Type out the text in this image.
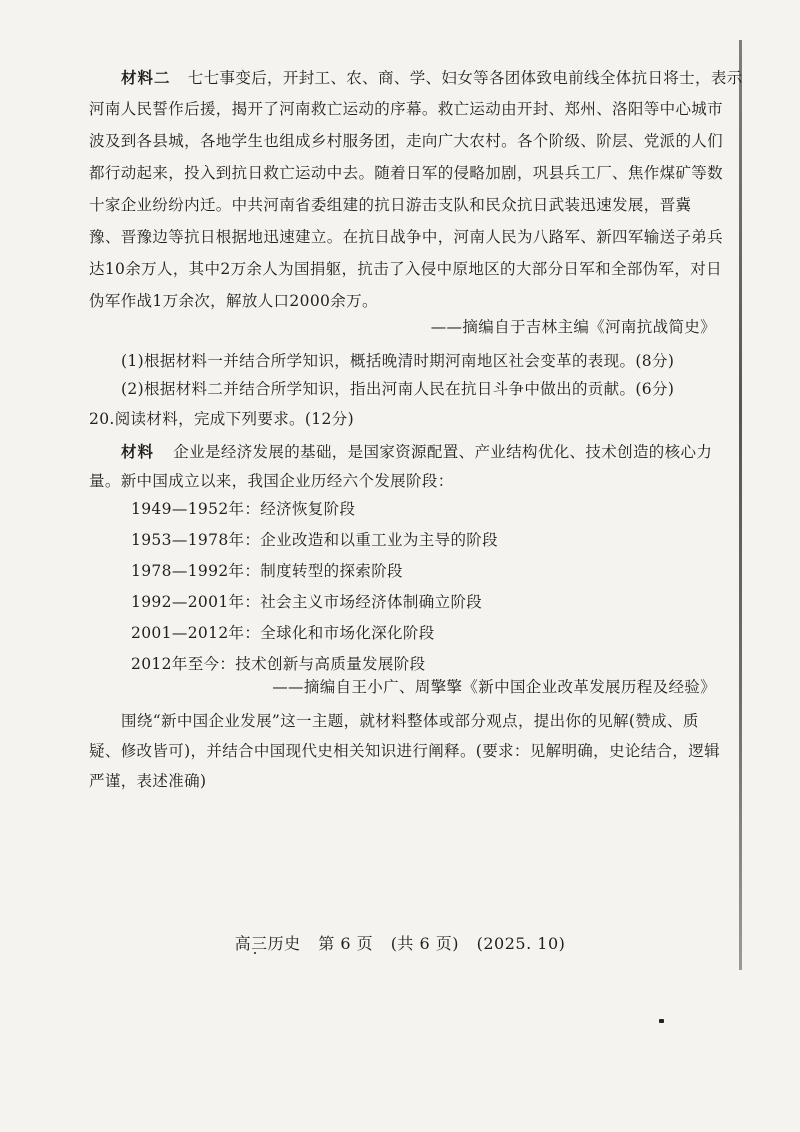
材料二 七七事变后，开封工、农、商、学、妇女等各团体致电前线全体抗日将士，表示
河南人民誓作后援，揭开了河南救亡运动的序幕。救亡运动由开封、郑州、洛阳等中心城市
波及到各县城，各地学生也组成乡村服务团，走向广大农村。各个阶级、阶层、党派的人们
都行动起来，投入到抗日救亡运动中去。随着日军的侵略加剧，巩县兵工厂、焦作煤矿等数
十家企业纷纷内迁。中共河南省委组建的抗日游击支队和民众抗日武装迅速发展，晋冀
豫、晋豫边等抗日根据地迅速建立。在抗日战争中，河南人民为八路军、新四军输送子弟兵
达10余万人，其中2万余人为国捐躯，抗击了入侵中原地区的大部分日军和全部伪军，对日
伪军作战1万余次，解放人口2000余万。
——摘编自于吉林主编《河南抗战简史》
(1)根据材料一并结合所学知识，概括晚清时期河南地区社会变革的表现。(8分)
(2)根据材料二并结合所学知识，指出河南人民在抗日斗争中做出的贡献。(6分)
20.阅读材料，完成下列要求。(12分)
材料 企业是经济发展的基础，是国家资源配置、产业结构优化、技术创造的核心力
量。新中国成立以来，我国企业历经六个发展阶段：
1949—1952年：经济恢复阶段
1953—1978年：企业改造和以重工业为主导的阶段
1978—1992年：制度转型的探索阶段
1992—2001年：社会主义市场经济体制确立阶段
2001—2012年：全球化和市场化深化阶段
2012年至今：技术创新与高质量发展阶段
——摘编自王小广、周擎擎《新中国企业改革发展历程及经验》
围绕“新中国企业发展”这一主题，就材料整体或部分观点，提出你的见解(赞成、质
疑、修改皆可)，并结合中国现代史相关知识进行阐释。(要求：见解明确，史论结合，逻辑
严谨，表述准确)
高三历史 第 6 页 (共 6 页) (2025. 10)
